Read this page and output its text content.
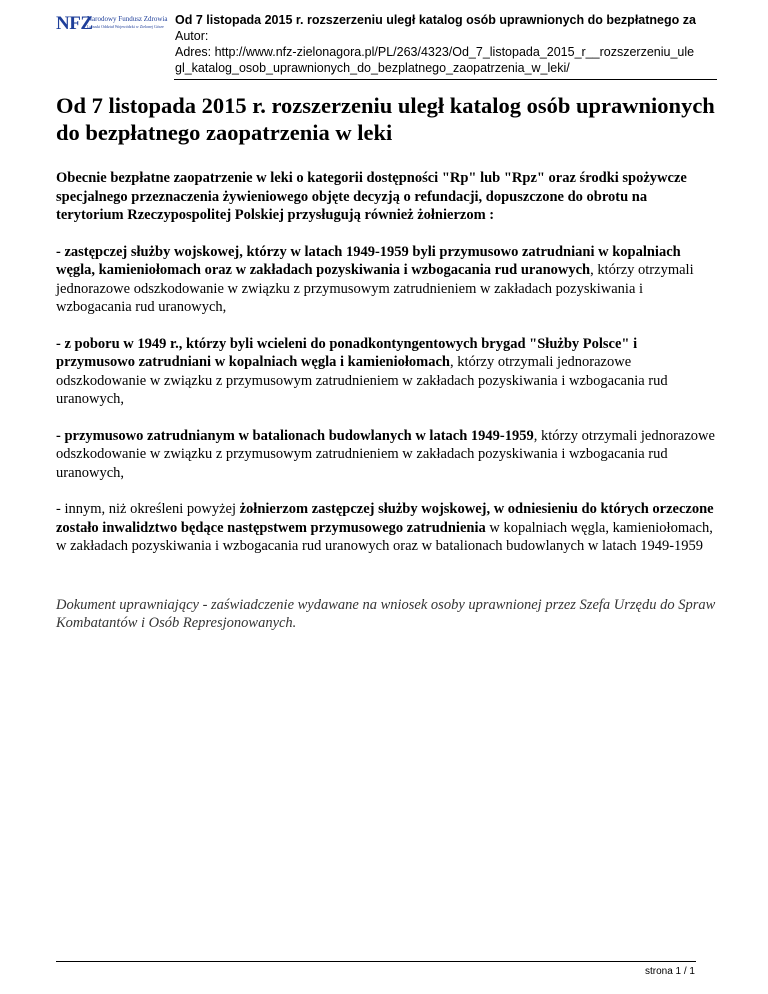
NFZ
Narodowy Fundusz Zdrowia
Lubuski Oddział Wojewódzki w Zielonej Górze Od 7 listopada 2015 r. rozszerzeniu uległ katalog osób uprawnionych do bezpłatnego za
Autor:
Adres: http://www.nfz-zielonagora.pl/PL/263/4323/Od_7_listopada_2015_r__rozszerzeniu_ule
gl_katalog_osob_uprawnionych_do_bezplatnego_zaopatrzenia_w_leki/
Od 7 listopada 2015 r. rozszerzeniu uległ katalog osób uprawnionych do bezpłatnego zaopatrzenia w leki

Obecnie bezpłatne zaopatrzenie w leki o kategorii dostępności "Rp" lub "Rpz" oraz środki spożywcze specjalnego przeznaczenia żywieniowego objęte decyzją o refundacji, dopuszczone do obrotu na terytorium Rzeczypospolitej Polskiej przysługują również żołnierzom :

- zastępczej służby wojskowej, którzy w latach 1949-1959 byli przymusowo zatrudniani w kopalniach węgla, kamieniołomach oraz w zakładach pozyskiwania i wzbogacania rud uranowych, którzy otrzymali jednorazowe odszkodowanie w związku z przymusowym zatrudnieniem w zakładach pozyskiwania i wzbogacania rud uranowych,

- z poboru w 1949 r., którzy byli wcieleni do ponadkontyngentowych brygad "Służby Polsce" i przymusowo zatrudniani w kopalniach węgla i kamieniołomach, którzy otrzymali jednorazowe odszkodowanie w związku z przymusowym zatrudnieniem w zakładach pozyskiwania i wzbogacania rud uranowych,

- przymusowo zatrudnianym w batalionach budowlanych w latach 1949-1959, którzy otrzymali jednorazowe odszkodowanie w związku z przymusowym zatrudnieniem w zakładach pozyskiwania i wzbogacania rud uranowych,

- innym, niż określeni powyżej żołnierzom zastępczej służby wojskowej, w odniesieniu do których orzeczone zostało inwalidztwo będące następstwem przymusowego zatrudnienia w kopalniach węgla, kamieniołomach, w zakładach pozyskiwania i wzbogacania rud uranowych oraz w batalionach budowlanych w latach 1949-1959

Dokument uprawniający - zaświadczenie wydawane na wniosek osoby uprawnionej przez Szefa Urzędu do Spraw Kombatantów i Osób Represjonowanych.

strona 1 / 1
